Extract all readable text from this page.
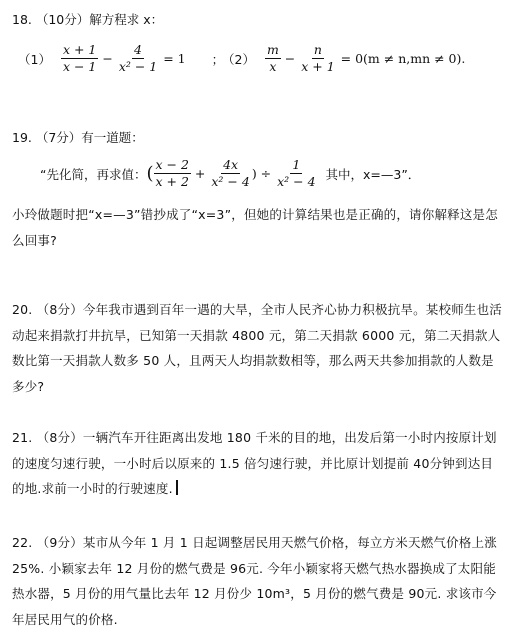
18. （10分）解方程求 x：
$(1) \frac{x + 1}{x - 1} - \frac{4}{\text{x² − 1}} = 1$ ；
$(2) \frac{m}{x} - \frac{n}{x + 1} = 0(m \ne n,mn \ne 0)$.
19. （7分）有一道题：
“先化简，再求值： ( $\frac{x - 2}{x + 2} + \frac{4x}{\text{x² − 4}}$ ) ÷ $\frac{1}{\text{x² − 4}}$ 其中，x=—3”．
小玲做题时把“x=—3”错抄成了“x=3”，但她的计算结果也是正确的，请你解释这是怎么回事?
20. （8分）今年我市遇到百年一遇的大旱，全市人民齐心协力积极抗旱。某校师生也活动起来捐款打井抗旱，已知第一天捐款 4800 元，第二天捐款 6000 元，第二天捐款人数比第一天捐款人数多 50 人，且两天人均捐款数相等，那么两天共参加捐款的人数是多少?
21. （8分）一辆汽车开往距离出发地 180 千米的目的地，出发后第一小时内按原计划的速度匀速行驶，一小时后以原来的 1.5 倍匀速行驶，并比原计划提前 40分钟到达目的地.求前一小时的行驶速度.
22. （9分）某市从今年 1 月 1 日起调整居民用天燃气价格，每立方米天燃气价格上涨 25%. 小颖家去年 12 月份的燃气费是 96元. 今年小颖家将天燃气热水器换成了太阳能热水器，5 月份的用气量比去年 12 月份少 10m³，5 月份的燃气费是 90元. 求该市今年居民用气的价格.
